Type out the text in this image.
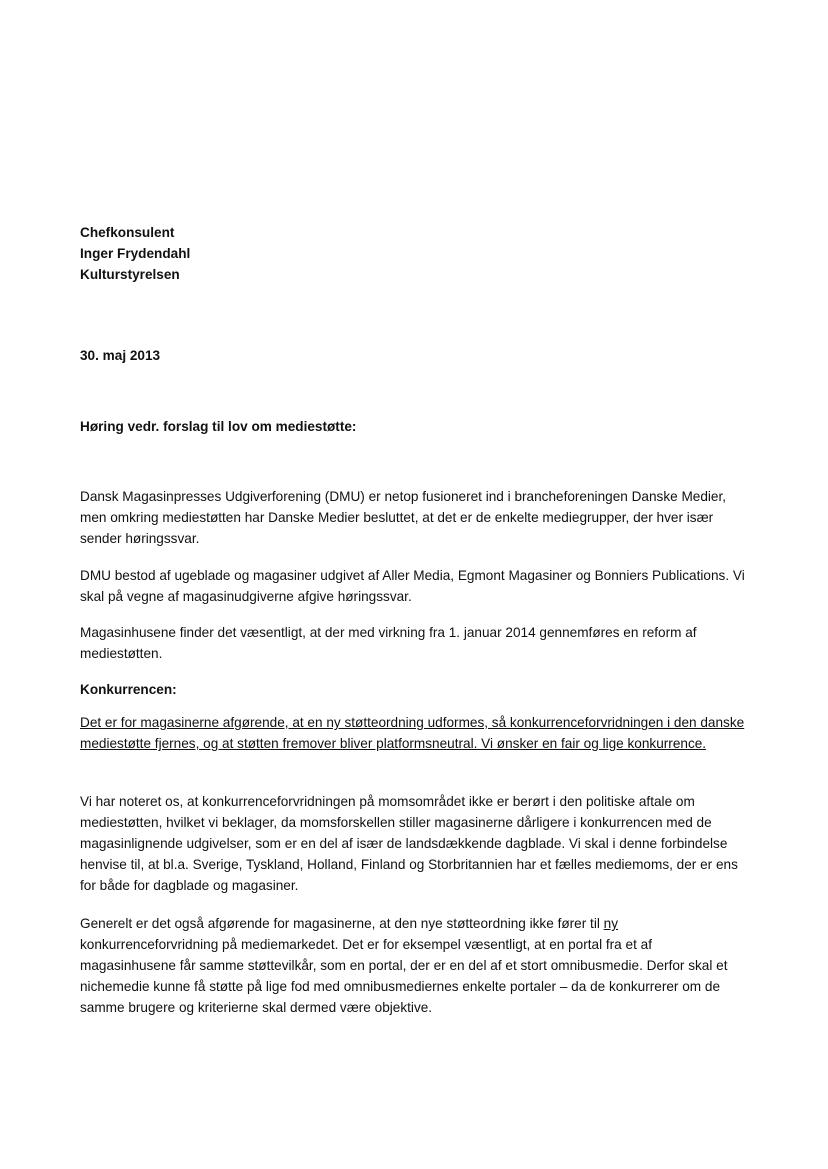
Chefkonsulent
Inger Frydendahl
Kulturstyrelsen

30. maj 2013

Høring vedr. forslag til lov om mediestøtte:

Dansk Magasinpresses Udgiverforening (DMU) er netop fusioneret ind i brancheforeningen Danske Medier, men omkring mediestøtten har Danske Medier besluttet, at det er de enkelte mediegrupper, der hver især sender høringssvar.

DMU bestod af ugeblade og magasiner udgivet af Aller Media, Egmont Magasiner og Bonniers Publications. Vi skal på vegne af magasinudgiverne afgive høringssvar.

Magasinhusene finder det væsentligt, at der med virkning fra 1. januar 2014 gennemføres en reform af mediestøtten.

Konkurrencen:

Det er for magasinerne afgørende, at en ny støtteordning udformes, så konkurrenceforvridningen i den danske mediestøtte fjernes, og at støtten fremover bliver platformsneutral. Vi ønsker en fair og lige konkurrence.

Vi har noteret os, at konkurrenceforvridningen på momsområdet ikke er berørt i den politiske aftale om mediestøtten, hvilket vi beklager, da momsforskellen stiller magasinerne dårligere i konkurrencen med de magasinlignende udgivelser, som er en del af især de landsdækkende dagblade. Vi skal i denne forbindelse henvise til, at bl.a. Sverige, Tyskland, Holland, Finland og Storbritannien har et fælles mediemoms, der er ens for både for dagblade og magasiner.

Generelt er det også afgørende for magasinerne, at den nye støtteordning ikke fører til ny konkurrenceforvridning på mediemarkedet. Det er for eksempel væsentligt, at en portal fra et af magasinhusene får samme støttevilkår, som en portal, der er en del af et stort omnibusmedie. Derfor skal et nichemedie kunne få støtte på lige fod med omnibusmediernes enkelte portaler – da de konkurrerer om de samme brugere og kriterierne skal dermed være objektive.
